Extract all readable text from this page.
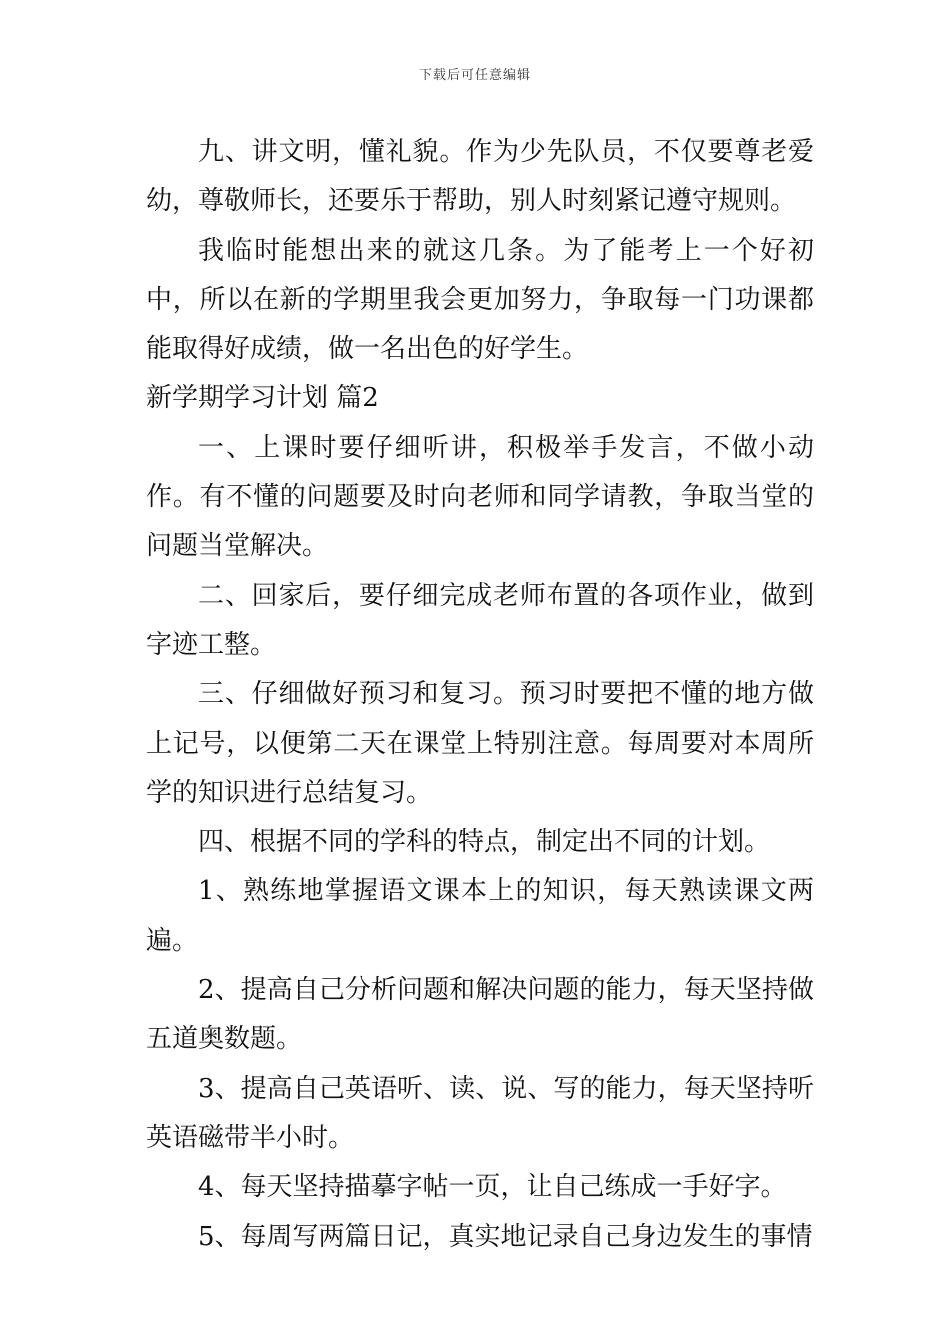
下载后可任意编辑

九、讲文明，懂礼貌。作为少先队员，不仅要尊老爱幼，尊敬师长，还要乐于帮助，别人时刻紧记遵守规则。

我临时能想出来的就这几条。为了能考上一个好初中，所以在新的学期里我会更加努力，争取每一门功课都能取得好成绩，做一名出色的好学生。

新学期学习计划 篇2

一、上课时要仔细听讲，积极举手发言，不做小动作。有不懂的问题要及时向老师和同学请教，争取当堂的问题当堂解决。

二、回家后，要仔细完成老师布置的各项作业，做到字迹工整。

三、仔细做好预习和复习。预习时要把不懂的地方做上记号，以便第二天在课堂上特别注意。每周要对本周所学的知识进行总结复习。

四、根据不同的学科的特点，制定出不同的计划。

1、熟练地掌握语文课本上的知识，每天熟读课文两遍。

2、提高自己分析问题和解决问题的能力，每天坚持做五道奥数题。

3、提高自己英语听、读、说、写的能力，每天坚持听英语磁带半小时。

4、每天坚持描摹字帖一页，让自己练成一手好字。

5、每周写两篇日记，真实地记录自己身边发生的事情
